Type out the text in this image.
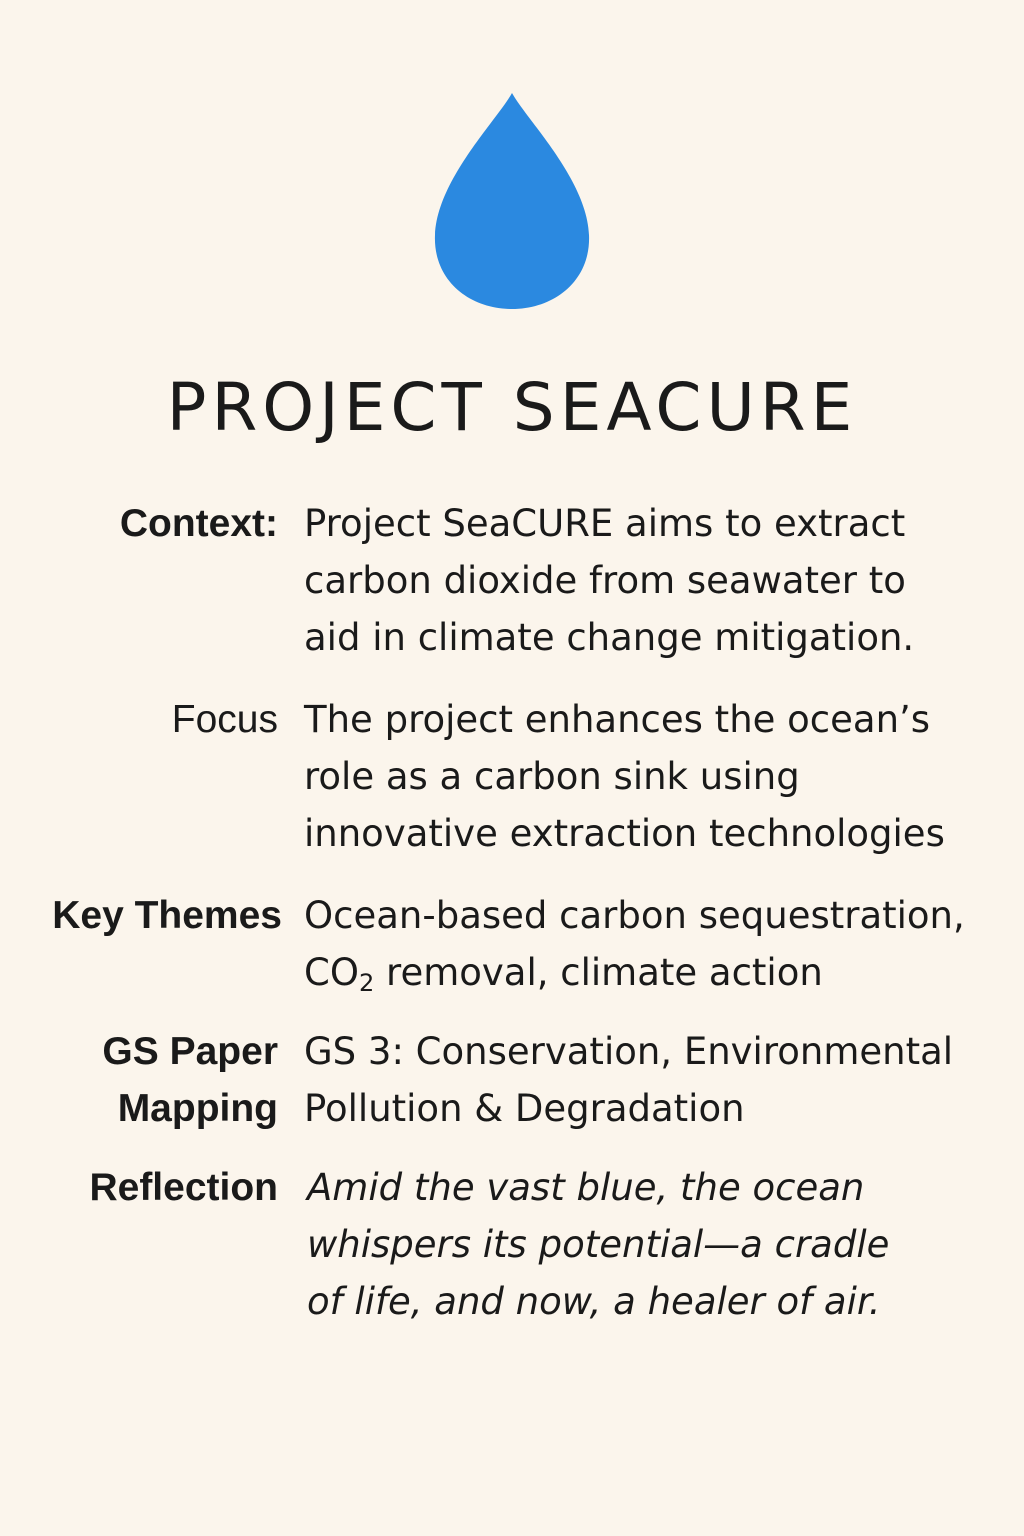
PROJECT SEACURE
Context: Project SeaCURE aims to extract
carbon dioxide from seawater to
aid in climate change mitigation.
Focus The project enhances the ocean’s
role as a carbon sink using
innovative extraction technologies
Key Themes Ocean-based carbon sequestration,
$CO_2$ removal, climate action
GS Paper
Mapping
GS 3: Conservation, Environmental
Pollution & Degradation
Reflection Amid the vast blue, the ocean
whispers its potential—a cradle
of life, and now, a healer of air.
